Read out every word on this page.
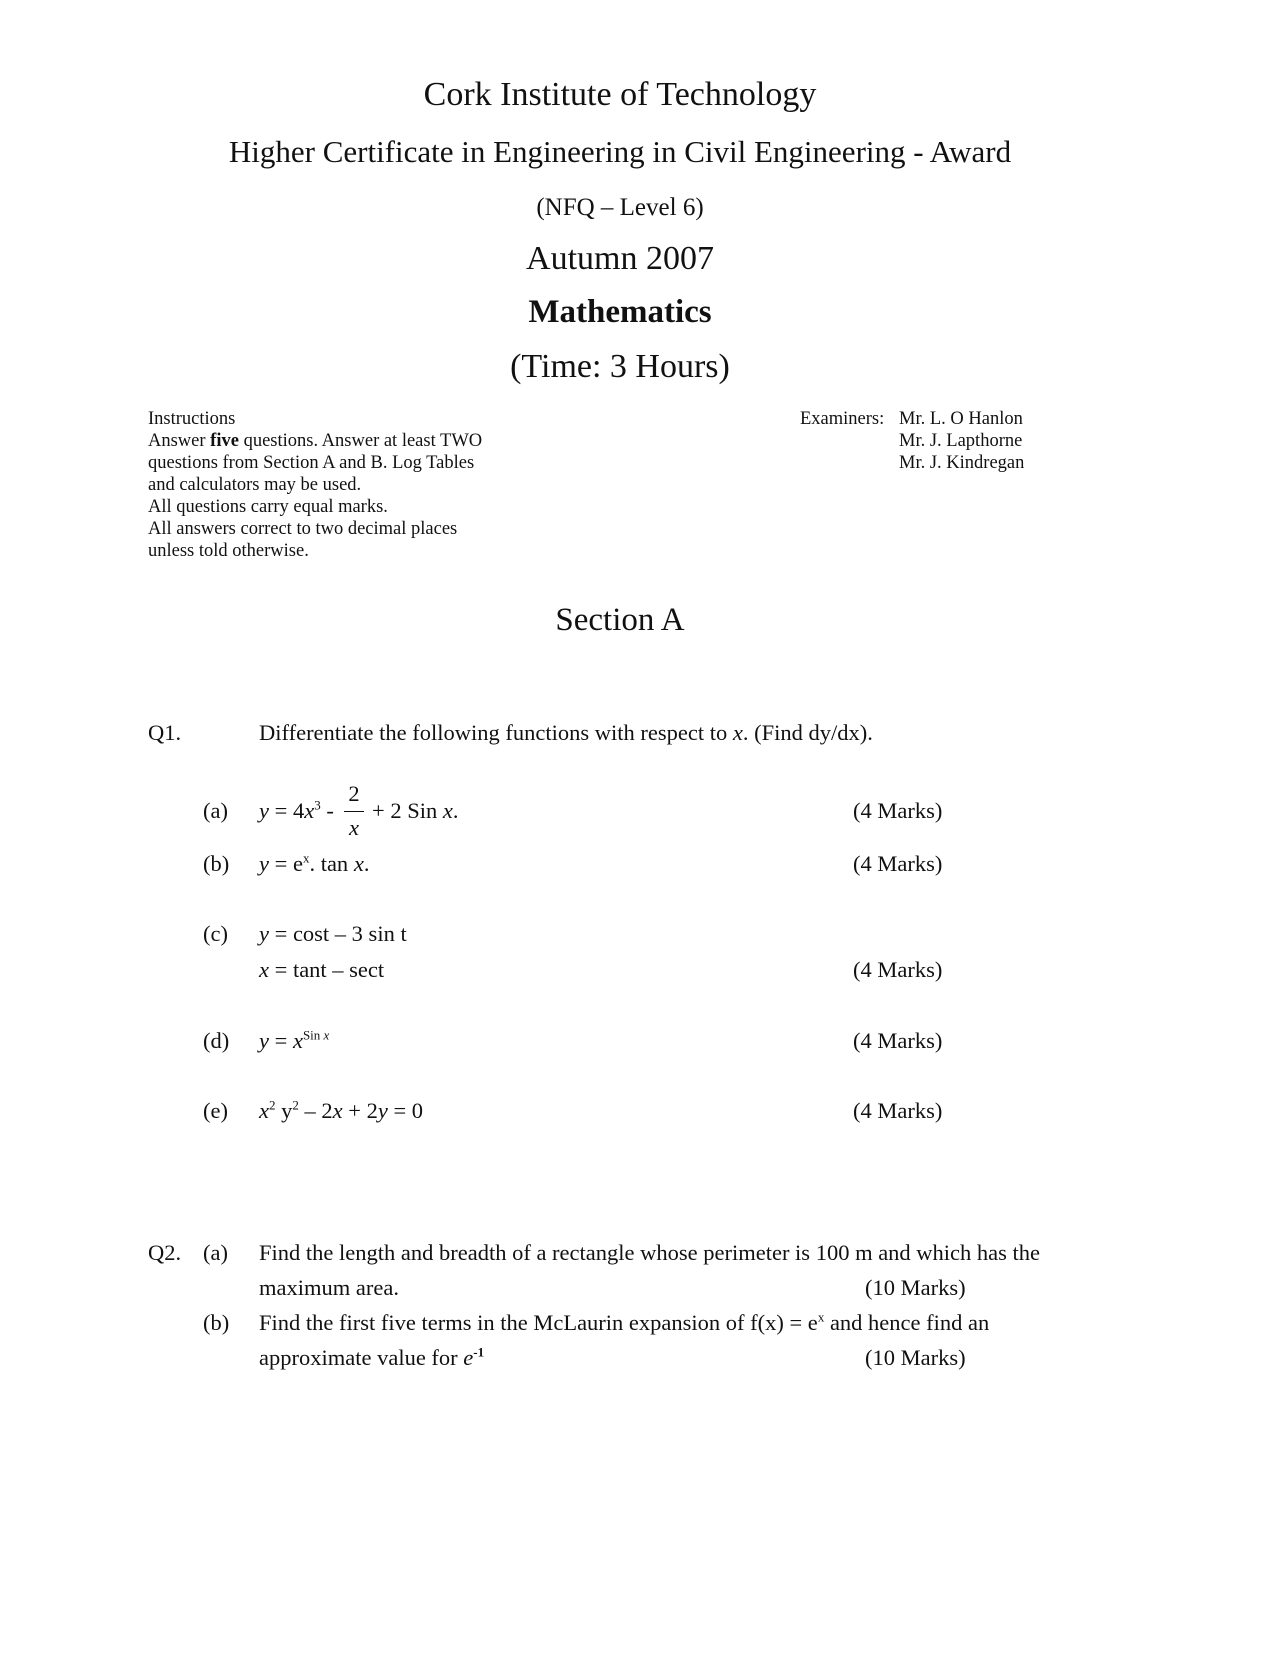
Cork Institute of Technology
Higher Certificate in Engineering in Civil Engineering - Award
(NFQ – Level 6)
Autumn 2007
Mathematics
(Time: 3 Hours)
Instructions
Answer five questions. Answer at least TWO
questions from Section A and B. Log Tables
and calculators may be used.
All questions carry equal marks.
All answers correct to two decimal places
unless told otherwise.
Examiners: Mr. L. O Hanlon
Mr. J. Lapthorne
Mr. J. Kindregan
Section A
Q1.	Differentiate the following functions with respect to x. (Find dy/dx).
(a) $y = 4x^3$ -
2
x
+ 2 Sin x.	(4 Marks)
(b) $y = e^x$. tan x.	(4 Marks)
(c) y = cost – 3 sin t
x = tant – sect	(4 Marks)
(d) $y = x^{Sin x}$	(4 Marks)
(e) $x^2$ $y^2 - 2x + 2y = 0$	(4 Marks)
Q2. (a) Find the length and breadth of a rectangle whose perimeter is 100 m and which has the
maximum area.	(10 Marks)
(b) Find the first five terms in the McLaurin expansion of $f(x) = e^x$ and hence find an
approximate value for $e^{-1}$	(10 Marks)
